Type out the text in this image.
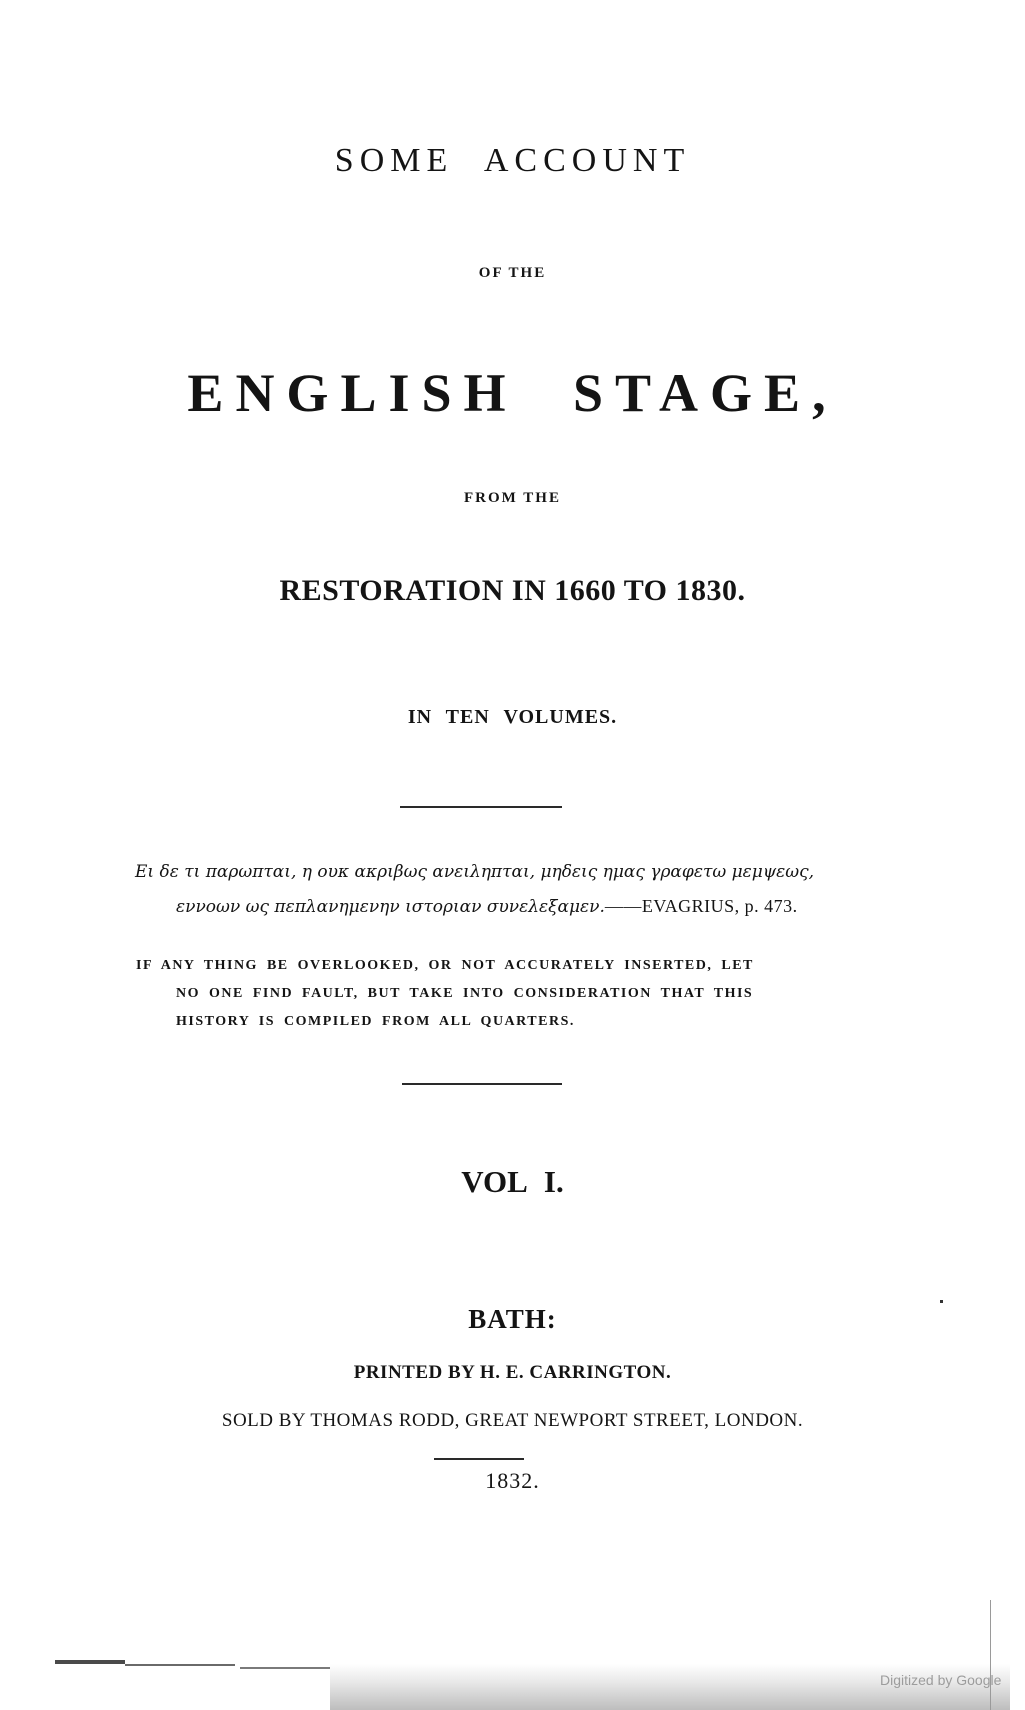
SOME ACCOUNT
OF THE
ENGLISH STAGE,
FROM THE
RESTORATION IN 1660 TO 1830.
IN TEN VOLUMES.
Ει δε τι παρωπται, η ουκ ακριβως ανειληπται, μηδεις ημας γραφετω μεμψεως,
εννοων ως πεπλανημενην ιστοριαν συνελεξαμεν.——EVAGRIUS, p. 473.
IF ANY THING BE OVERLOOKED, OR NOT ACCURATELY INSERTED, LET
NO ONE FIND FAULT, BUT TAKE INTO CONSIDERATION THAT THIS
HISTORY IS COMPILED FROM ALL QUARTERS.
VOL I.
BATH:
PRINTED BY H. E. CARRINGTON.
SOLD BY THOMAS RODD, GREAT NEWPORT STREET, LONDON.
1832.
Digitized by Google
